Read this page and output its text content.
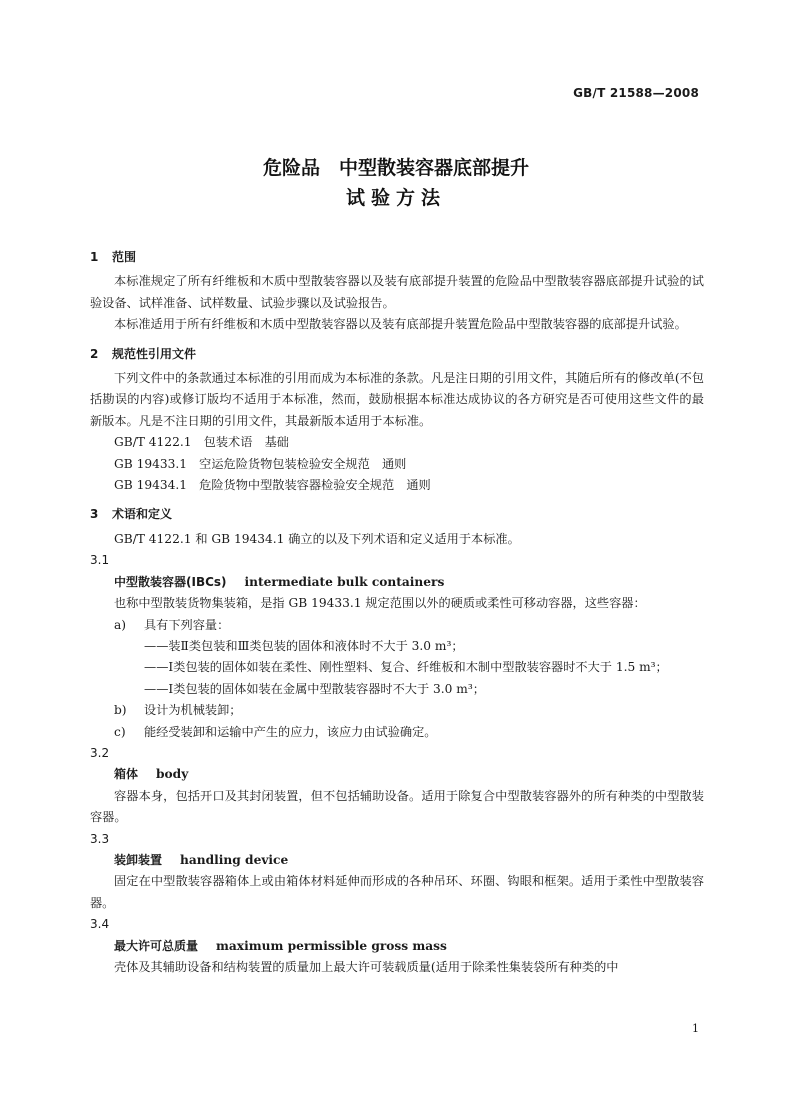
GB/T 21588—2008
危险品　中型散装容器底部提升
试验方法
1 范围

本标准规定了所有纤维板和木质中型散装容器以及装有底部提升装置的危险品中型散装容器底部提升试验的试验设备、试样准备、试样数量、试验步骤以及试验报告。

本标准适用于所有纤维板和木质中型散装容器以及装有底部提升装置危险品中型散装容器的底部提升试验。

2 规范性引用文件

下列文件中的条款通过本标准的引用而成为本标准的条款。凡是注日期的引用文件，其随后所有的修改单(不包括勘误的内容)或修订版均不适用于本标准，然而，鼓励根据本标准达成协议的各方研究是否可使用这些文件的最新版本。凡是不注日期的引用文件，其最新版本适用于本标准。

GB/T 4122.1　包装术语　基础
GB 19433.1　空运危险货物包装检验安全规范　通则
GB 19434.1　危险货物中型散装容器检验安全规范　通则
3 术语和定义

GB/T 4122.1 和 GB 19434.1 确立的以及下列术语和定义适用于本标准。

3.1
中型散装容器(IBCs) intermediate bulk containers

也称中型散装货物集装箱，是指 GB 19433.1 规定范围以外的硬质或柔性可移动容器，这些容器：

a) 具有下列容量：
——装Ⅱ类包装和Ⅲ类包装的固体和液体时不大于 3.0 m³；
——Ⅰ类包装的固体如装在柔性、刚性塑料、复合、纤维板和木制中型散装容器时不大于 1.5 m³；
——Ⅰ类包装的固体如装在金属中型散装容器时不大于 3.0 m³；
b) 设计为机械装卸；
c) 能经受装卸和运输中产生的应力，该应力由试验确定。
3.2
箱体 body

容器本身，包括开口及其封闭装置，但不包括辅助设备。适用于除复合中型散装容器外的所有种类的中型散装容器。

3.3
装卸装置 handling device

固定在中型散装容器箱体上或由箱体材料延伸而形成的各种吊环、环圈、钩眼和框架。适用于柔性中型散装容器。

3.4
最大许可总质量 maximum permissible gross mass

壳体及其辅助设备和结构装置的质量加上最大许可装载质量(适用于除柔性集装袋所有种类的中

1
